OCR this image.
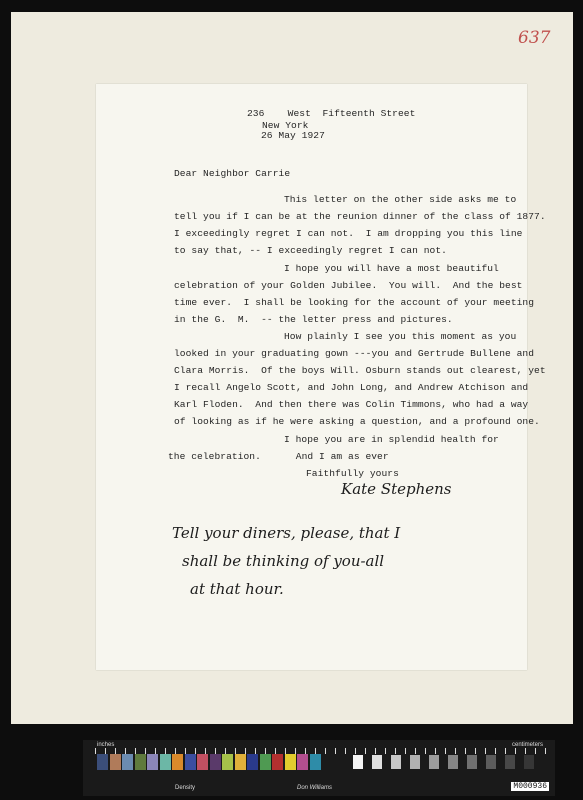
637
236    West  Fifteenth Street
New York
26 May 1927
Dear Neighbor Carrie
This letter on the other side asks me to
tell you if I can be at the reunion dinner of the class of 1877.
I exceedingly regret I can not.  I am dropping you this line
to say that, -- I exceedingly regret I can not.
I hope you will have a most beautiful
celebration of your Golden Jubilee.  You will.  And the best
time ever.  I shall be looking for the account of your meeting
in the G.  M.  -- the letter press and pictures.
How plainly I see you this moment as you
looked in your graduating gown ---you and Gertrude Bullene and
Clara Morris.  Of the boys Will. Osburn stands out clearest, yet
I recall Angelo Scott, and John Long, and Andrew Atchison and
Karl Floden.  And then there was Colin Timmons, who had a way
of looking as if he were asking a question, and a profound one.
I hope you are in splendid health for
the celebration.      And I am as ever
Faithfully yours
Kate Stephens
Tell your diners, please, that I
shall be thinking of you-all
at that hour.
inches	centimeters
Density	Don Williams	M000936
